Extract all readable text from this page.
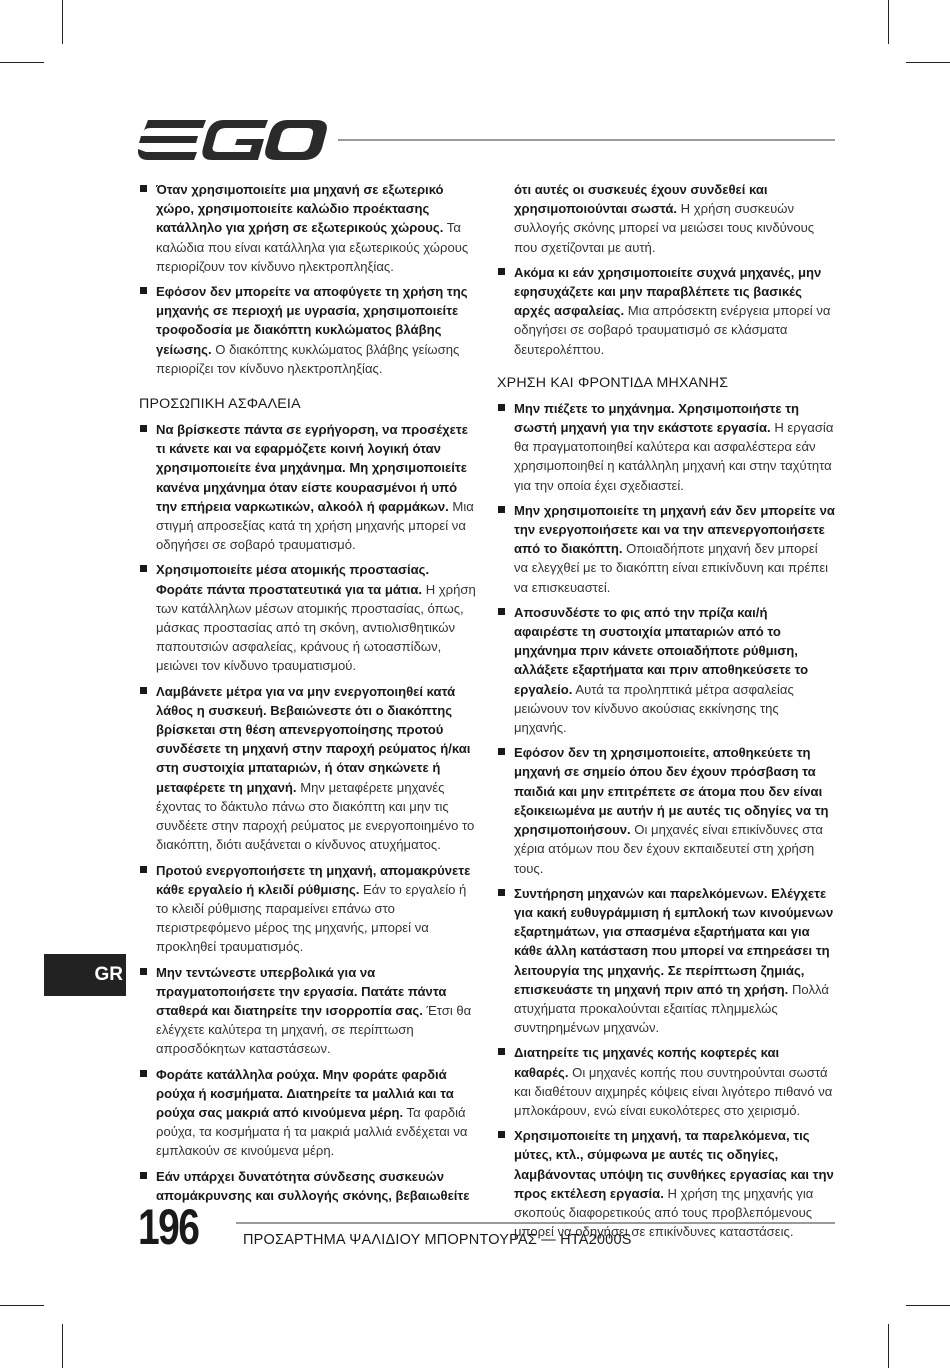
Όταν χρησιμοποιείτε μια μηχανή σε εξωτερικό χώρο, χρησιμοποιείτε καλώδιο προέκτασης κατάλληλο για χρήση σε εξωτερικούς χώρους. Τα καλώδια που είναι κατάλληλα για εξωτερικούς χώρους περιορίζουν τον κίνδυνο ηλεκτροπληξίας.

Εφόσον δεν μπορείτε να αποφύγετε τη χρήση της μηχανής σε περιοχή με υγρασία, χρησιμοποιείτε τροφοδοσία με διακόπτη κυκλώματος βλάβης γείωσης. Ο διακόπτης κυκλώματος βλάβης γείωσης περιορίζει τον κίνδυνο ηλεκτροπληξίας.

ΠΡΟΣΩΠΙΚΗ ΑΣΦΑΛΕΙΑ

Να βρίσκεστε πάντα σε εγρήγορση, να προσέχετε τι κάνετε και να εφαρμόζετε κοινή λογική όταν χρησιμοποιείτε ένα μηχάνημα. Μη χρησιμοποιείτε κανένα μηχάνημα όταν είστε κουρασμένοι ή υπό την επήρεια ναρκωτικών, αλκοόλ ή φαρμάκων. Μια στιγμή απροσεξίας κατά τη χρήση μηχανής μπορεί να οδηγήσει σε σοβαρό τραυματισμό.

Χρησιμοποιείτε μέσα ατομικής προστασίας. Φοράτε πάντα προστατευτικά για τα μάτια. Η χρήση των κατάλληλων μέσων ατομικής προστασίας, όπως, μάσκας προστασίας από τη σκόνη, αντιολισθητικών παπουτσιών ασφαλείας, κράνους ή ωτοασπίδων, μειώνει τον κίνδυνο τραυματισμού.

Λαμβάνετε μέτρα για να μην ενεργοποιηθεί κατά λάθος η συσκευή. Βεβαιώνεστε ότι ο διακόπτης βρίσκεται στη θέση απενεργοποίησης προτού συνδέσετε τη μηχανή στην παροχή ρεύματος ή/και στη συστοιχία μπαταριών, ή όταν σηκώνετε ή μεταφέρετε τη μηχανή. Μην μεταφέρετε μηχανές έχοντας το δάκτυλο πάνω στο διακόπτη και μην τις συνδέετε στην παροχή ρεύματος με ενεργοποιημένο το διακόπτη, διότι αυξάνεται ο κίνδυνος ατυχήματος.

Προτού ενεργοποιήσετε τη μηχανή, απομακρύνετε κάθε εργαλείο ή κλειδί ρύθμισης. Εάν το εργαλείο ή το κλειδί ρύθμισης παραμείνει επάνω στο περιστρεφόμενο μέρος της μηχανής, μπορεί να προκληθεί τραυματισμός.

Μην τεντώνεστε υπερβολικά για να πραγματοποιήσετε την εργασία. Πατάτε πάντα σταθερά και διατηρείτε την ισορροπία σας. Έτσι θα ελέγχετε καλύτερα τη μηχανή, σε περίπτωση απροσδόκητων καταστάσεων.

Φοράτε κατάλληλα ρούχα. Μην φοράτε φαρδιά ρούχα ή κοσμήματα. Διατηρείτε τα μαλλιά και τα ρούχα σας μακριά από κινούμενα μέρη. Τα φαρδιά ρούχα, τα κοσμήματα ή τα μακριά μαλλιά ενδέχεται να εμπλακούν σε κινούμενα μέρη.

Εάν υπάρχει δυνατότητα σύνδεσης συσκευών απομάκρυνσης και συλλογής σκόνης, βεβαιωθείτε

ότι αυτές οι συσκευές έχουν συνδεθεί και χρησιμοποιούνται σωστά. Η χρήση συσκευών συλλογής σκόνης μπορεί να μειώσει τους κινδύνους που σχετίζονται με αυτή.

Ακόμα κι εάν χρησιμοποιείτε συχνά μηχανές, μην εφησυχάζετε και μην παραβλέπετε τις βασικές αρχές ασφαλείας. Μια απρόσεκτη ενέργεια μπορεί να οδηγήσει σε σοβαρό τραυματισμό σε κλάσματα δευτερολέπτου.

ΧΡΗΣΗ ΚΑΙ ΦΡΟΝΤΙΔΑ ΜΗΧΑΝΗΣ

Μην πιέζετε το μηχάνημα. Χρησιμοποιήστε τη σωστή μηχανή για την εκάστοτε εργασία. Η εργασία θα πραγματοποιηθεί καλύτερα και ασφαλέστερα εάν χρησιμοποιηθεί η κατάλληλη μηχανή και στην ταχύτητα για την οποία έχει σχεδιαστεί.

Μην χρησιμοποιείτε τη μηχανή εάν δεν μπορείτε να την ενεργοποιήσετε και να την απενεργοποιήσετε από το διακόπτη. Οποιαδήποτε μηχανή δεν μπορεί να ελεγχθεί με το διακόπτη είναι επικίνδυνη και πρέπει να επισκευαστεί.

Αποσυνδέστε το φις από την πρίζα και/ή αφαιρέστε τη συστοιχία μπαταριών από το μηχάνημα πριν κάνετε οποιαδήποτε ρύθμιση, αλλάξετε εξαρτήματα και πριν αποθηκεύσετε το εργαλείο. Αυτά τα προληπτικά μέτρα ασφαλείας μειώνουν τον κίνδυνο ακούσιας εκκίνησης της μηχανής.

Εφόσον δεν τη χρησιμοποιείτε, αποθηκεύετε τη μηχανή σε σημείο όπου δεν έχουν πρόσβαση τα παιδιά και μην επιτρέπετε σε άτομα που δεν είναι εξοικειωμένα με αυτήν ή με αυτές τις οδηγίες να τη χρησιμοποιήσουν. Οι μηχανές είναι επικίνδυνες στα χέρια ατόμων που δεν έχουν εκπαιδευτεί στη χρήση τους.

Συντήρηση μηχανών και παρελκόμενων. Ελέγχετε για κακή ευθυγράμμιση ή εμπλοκή των κινούμενων εξαρτημάτων, για σπασμένα εξαρτήματα και για κάθε άλλη κατάσταση που μπορεί να επηρεάσει τη λειτουργία της μηχανής. Σε περίπτωση ζημιάς, επισκευάστε τη μηχανή πριν από τη χρήση. Πολλά ατυχήματα προκαλούνται εξαιτίας πλημμελώς συντηρημένων μηχανών.

Διατηρείτε τις μηχανές κοπής κοφτερές και καθαρές. Οι μηχανές κοπής που συντηρούνται σωστά και διαθέτουν αιχμηρές κόψεις είναι λιγότερο πιθανό να μπλοκάρουν, ενώ είναι ευκολότερες στο χειρισμό.

Χρησιμοποιείτε τη μηχανή, τα παρελκόμενα, τις μύτες, κτλ., σύμφωνα με αυτές τις οδηγίες, λαμβάνοντας υπόψη τις συνθήκες εργασίας και την προς εκτέλεση εργασία. Η χρήση της μηχανής για σκοπούς διαφορετικούς από τους προβλεπόμενους μπορεί να οδηγήσει σε επικίνδυνες καταστάσεις.

GR
196	ΠΡΟΣΑΡΤΗΜΑ ΨΑΛΙΔΙΟΥ ΜΠΟΡΝΤΟΥΡΑΣ — HTA2000S
